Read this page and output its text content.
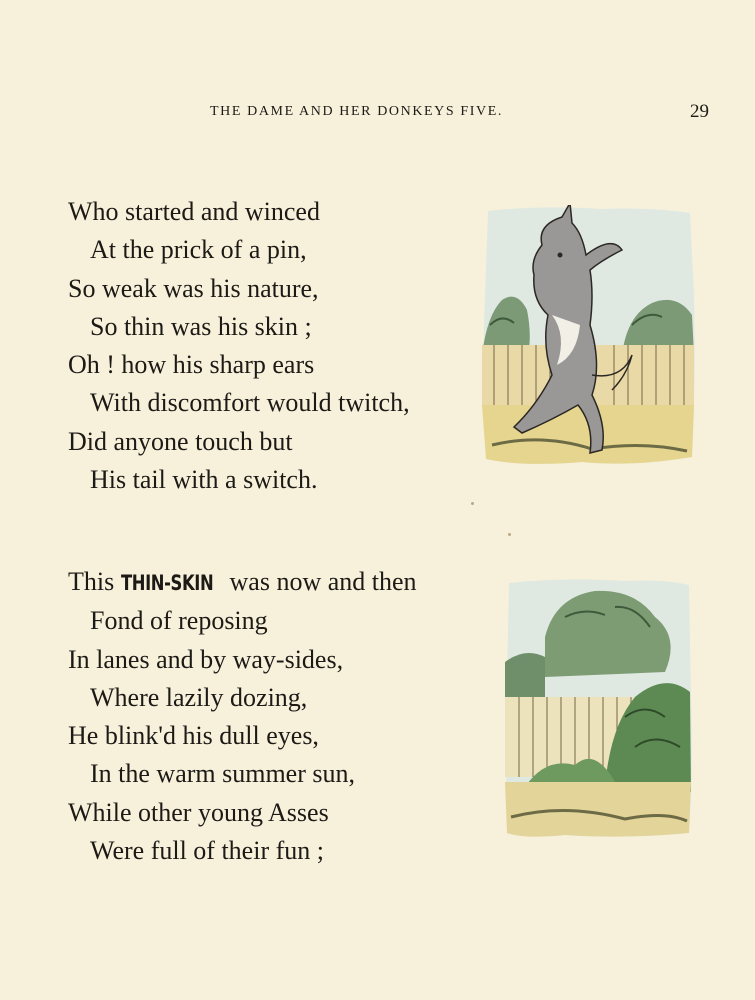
THE DAME AND HER DONKEYS FIVE.	29
Who started and winced
At the prick of a pin,
So weak was his nature,
So thin was his skin ;
Oh ! how his sharp ears
With discomfort would twitch,
Did anyone touch but
His tail with a switch.
This THIN-SKIN was now and then
Fond of reposing
In lanes and by way-sides,
Where lazily dozing,
He blink'd his dull eyes,
In the warm summer sun,
While other young Asses
Were full of their fun ;
